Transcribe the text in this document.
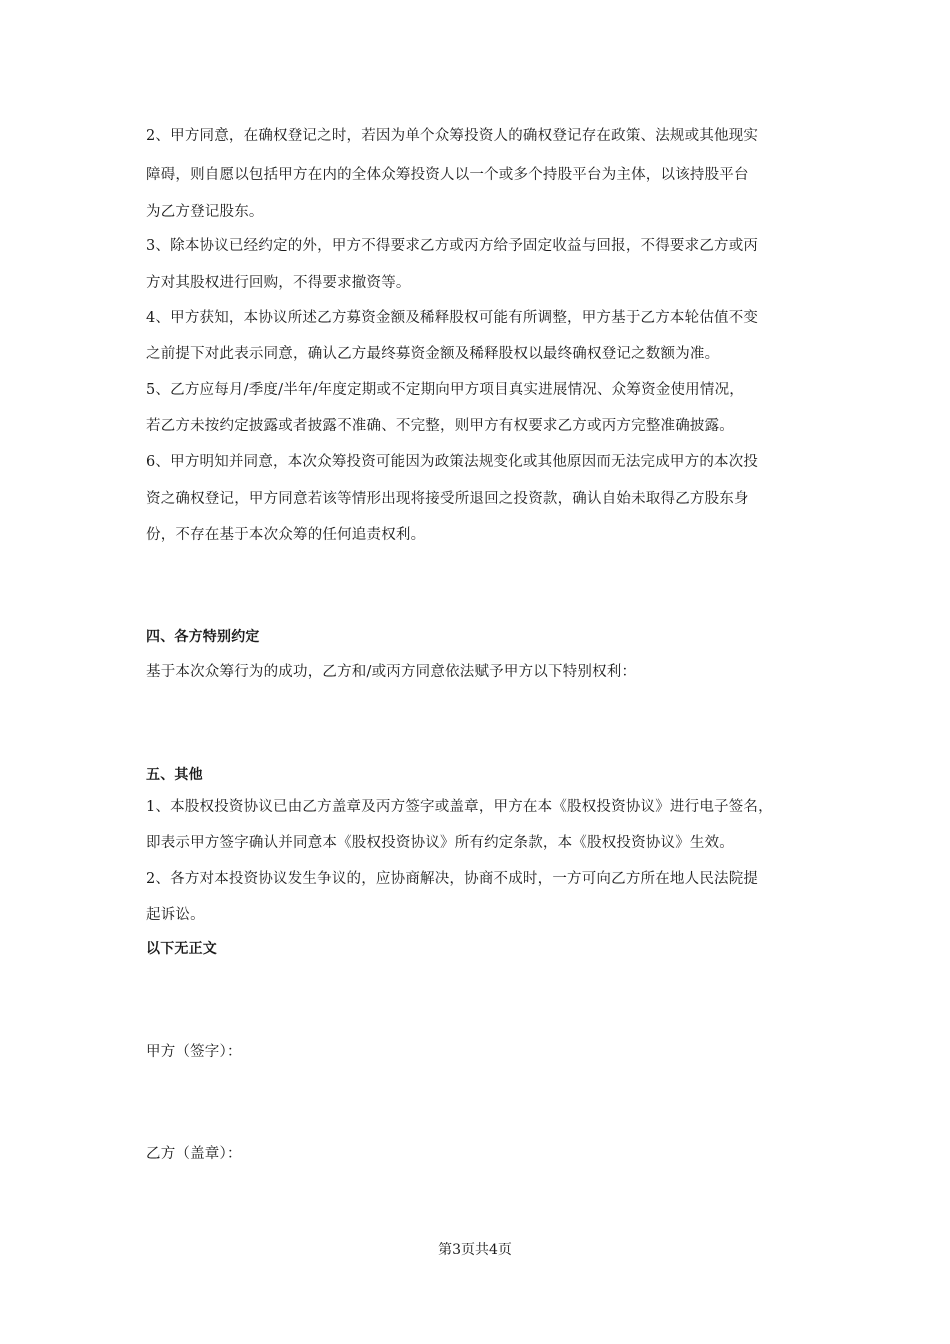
2、甲方同意，在确权登记之时，若因为单个众筹投资人的确权登记存在政策、法规或其他现实
障碍，则自愿以包括甲方在内的全体众筹投资人以一个或多个持股平台为主体，以该持股平台
为乙方登记股东。
3、除本协议已经约定的外，甲方不得要求乙方或丙方给予固定收益与回报，不得要求乙方或丙
方对其股权进行回购，不得要求撤资等。
4、甲方获知，本协议所述乙方募资金额及稀释股权可能有所调整，甲方基于乙方本轮估值不变
之前提下对此表示同意，确认乙方最终募资金额及稀释股权以最终确权登记之数额为准。
5、乙方应每月/季度/半年/年度定期或不定期向甲方项目真实进展情况、众筹资金使用情况，
若乙方未按约定披露或者披露不准确、不完整，则甲方有权要求乙方或丙方完整准确披露。
6、甲方明知并同意，本次众筹投资可能因为政策法规变化或其他原因而无法完成甲方的本次投
资之确权登记，甲方同意若该等情形出现将接受所退回之投资款，确认自始未取得乙方股东身
份，不存在基于本次众筹的任何追责权利。
四、各方特别约定
基于本次众筹行为的成功，乙方和/或丙方同意依法赋予甲方以下特别权利：
五、其他
1、本股权投资协议已由乙方盖章及丙方签字或盖章，甲方在本《股权投资协议》进行电子签名，
即表示甲方签字确认并同意本《股权投资协议》所有约定条款，本《股权投资协议》生效。
2、各方对本投资协议发生争议的，应协商解决，协商不成时，一方可向乙方所在地人民法院提
起诉讼。
以下无正文
甲方（签字）：
乙方（盖章）：
第3页共4页
